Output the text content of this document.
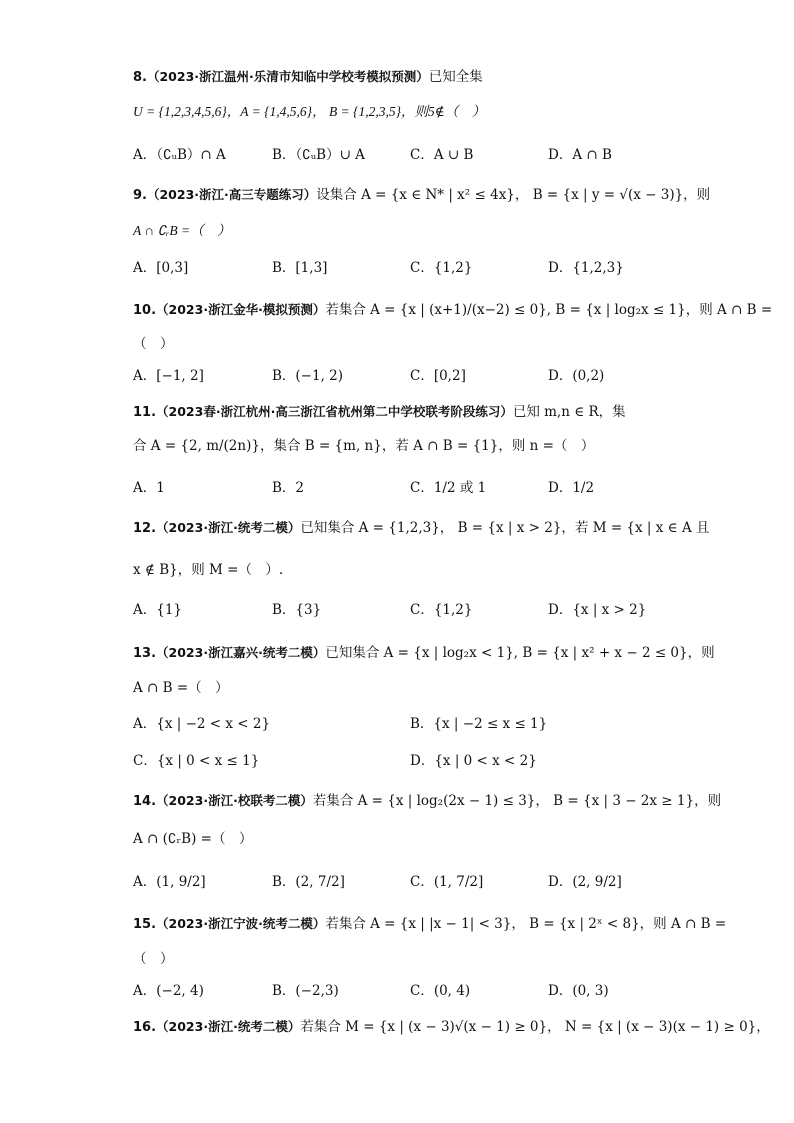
8.（2023·浙江温州·乐清市知临中学校考模拟预测）已知全集
U = {1,2,3,4,5,6}，A = {1,4,5,6}， B = {1,2,3,5}，则5∉（　）
A．（∁ᵤB）∩ A	B．（∁ᵤB）∪ A	C．A ∪ B	D．A ∩ B
9.（2023·浙江·高三专题练习）设集合 A = {x ∈ N* | x² ≤ 4x}， B = {x | y = √(x − 3)}，则
A ∩ ∁ᵣB =（　）
A．[0,3]	B．[1,3]	C．{1,2}	D．{1,2,3}
10.（2023·浙江金华·模拟预测）若集合 A = {x | (x+1)/(x−2) ≤ 0}, B = {x | log₂x ≤ 1}，则 A ∩ B =
（　）
A．[−1, 2]	B．(−1, 2)	C．[0,2]	D．(0,2)
11.（2023春·浙江杭州·高三浙江省杭州第二中学校联考阶段练习）已知 m,n ∈ R，集
合 A = {2, m/(2n)}，集合 B = {m, n}，若 A ∩ B = {1}，则 n =（　）
A．1	B．2	C．1/2 或 1	D．1/2
12.（2023·浙江·统考二模）已知集合 A = {1,2,3}， B = {x | x > 2}，若 M = {x | x ∈ A 且
x ∉ B}，则 M =（　）.
A．{1}	B．{3}	C．{1,2}	D．{x | x > 2}
13.（2023·浙江嘉兴·统考二模）已知集合 A = {x | log₂x < 1}, B = {x | x² + x − 2 ≤ 0}，则
A ∩ B =（　）
A．{x | −2 < x < 2}	B．{x | −2 ≤ x ≤ 1}
C．{x | 0 < x ≤ 1}	D．{x | 0 < x < 2}
14.（2023·浙江·校联考二模）若集合 A = {x | log₂(2x − 1) ≤ 3}， B = {x | 3 − 2x ≥ 1}，则
A ∩ (∁ᵣB) =（　）
A．(1, 9/2]	B．(2, 7/2]	C．(1, 7/2]	D．(2, 9/2]
15.（2023·浙江宁波·统考二模）若集合 A = {x | |x − 1| < 3}， B = {x | 2ˣ < 8}，则 A ∩ B =
（　）
A．(−2, 4)	B．(−2,3)	C．(0, 4)	D．(0, 3)
16.（2023·浙江·统考二模）若集合 M = {x | (x − 3)√(x − 1) ≥ 0}， N = {x | (x − 3)(x − 1) ≥ 0}，
